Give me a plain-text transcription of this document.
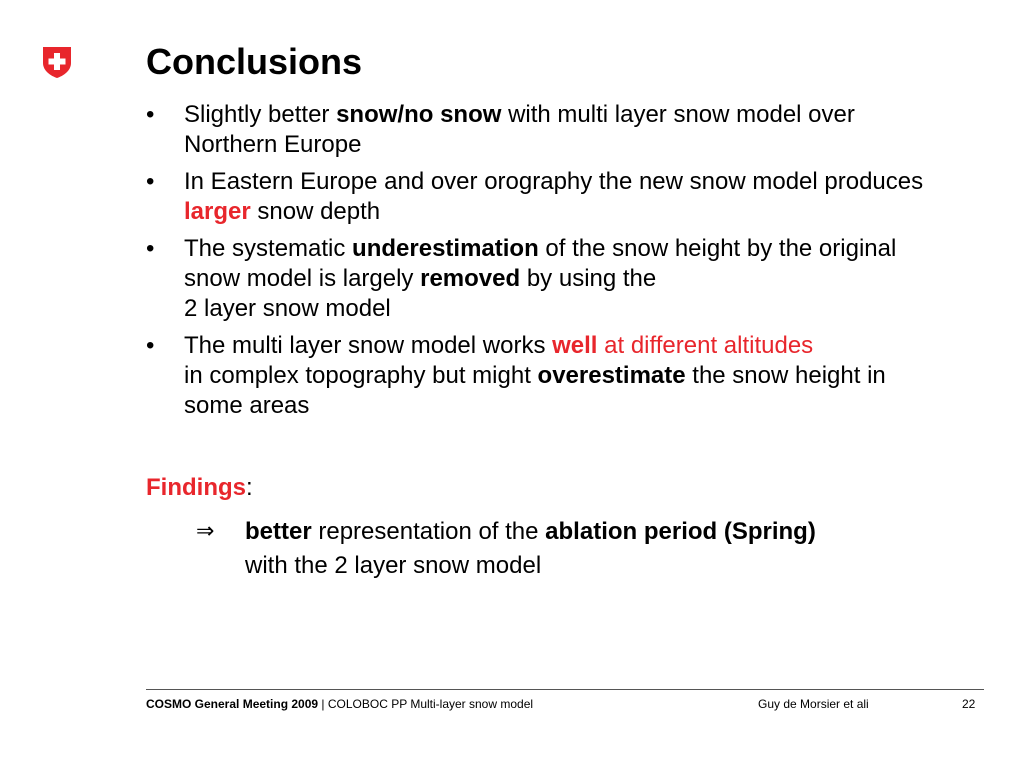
Conclusions
• Slightly better snow/no snow with multi layer snow model over Northern Europe
• In Eastern Europe and over orography the new snow model produces larger snow depth
• The systematic underestimation of the snow height by the original snow model is largely removed by using the
2 layer snow model
• The multi layer snow model works well at different altitudes
in complex topography but might overestimate the snow height in some areas
Findings:
⇒ better representation of the ablation period (Spring)
with the 2 layer snow model
COSMO General Meeting 2009 | COLOBOC PP Multi-layer snow model	Guy de Morsier et ali	22
